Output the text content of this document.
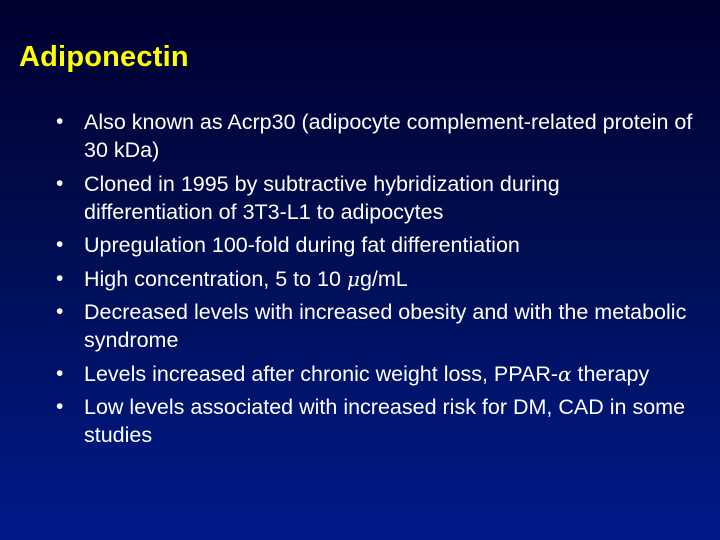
Adiponectin
• Also known as Acrp30 (adipocyte complement-related protein of 30 kDa)
• Cloned in 1995 by subtractive hybridization during differentiation of 3T3-L1 to adipocytes
• Upregulation 100-fold during fat differentiation
• High concentration, 5 to 10 μg/mL
• Decreased levels with increased obesity and with the metabolic syndrome
• Levels increased after chronic weight loss, PPAR-α therapy
• Low levels associated with increased risk for DM, CAD in some studies
